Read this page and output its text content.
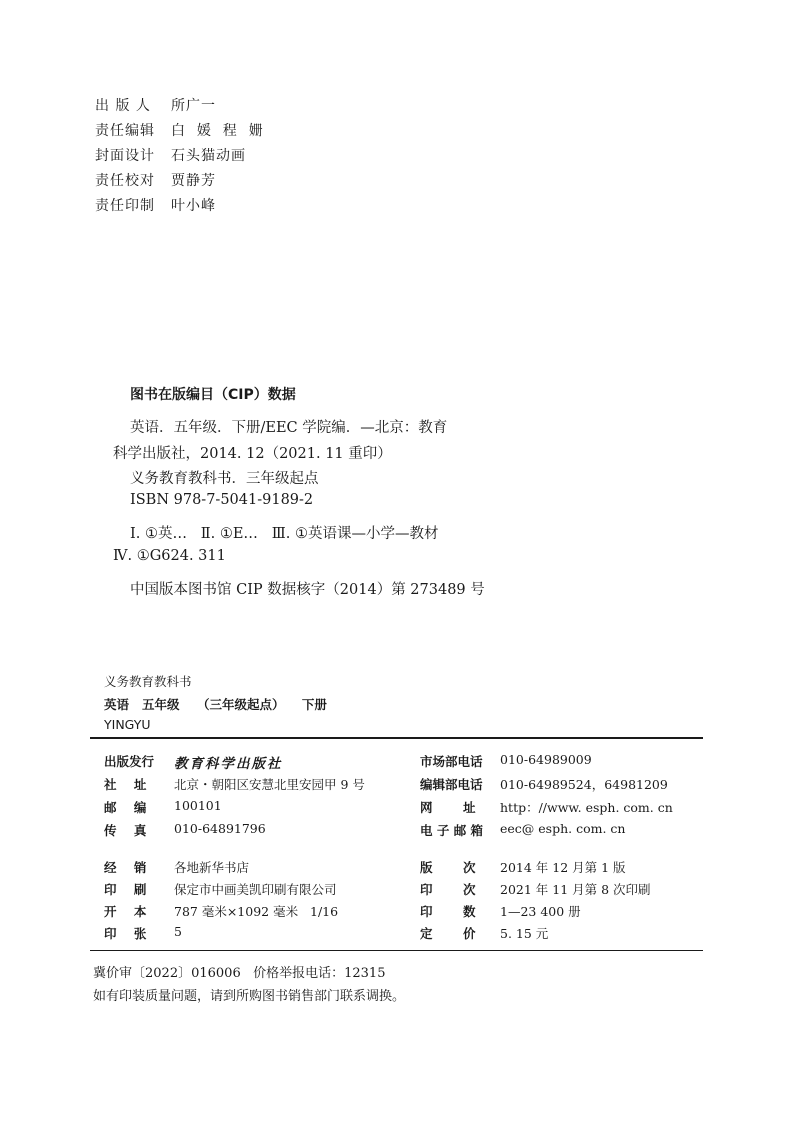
出 版 人 所广一
责任编辑 白  媛  程  姗
封面设计 石头猫动画
责任校对 贾静芳
责任印制 叶小峰
图书在版编目（CIP）数据
英语．五年级．下册/EEC 学院编．—北京：教育
科学出版社，2014. 12（2021. 11 重印）
义务教育教科书．三年级起点
ISBN 978-7-5041-9189-2
Ⅰ. ①英…   Ⅱ. ①E…   Ⅲ. ①英语课—小学—教材
Ⅳ. ①G624. 311
中国版本图书馆 CIP 数据核字（2014）第 273489 号
义务教育教科书
英语   五年级    （三年级起点）    下册
YINGYU
出版发行 教育科学出版社
社    址 北京・朝阳区安慧北里安园甲 9 号
邮    编 100101
传    真 010-64891796
市场部电话 010-64989009
编辑部电话 010-64989524，64981209
网       址 http：//www. esph. com. cn
电 子 邮 箱 eec@ esph. com. cn
经    销 各地新华书店
印    刷 保定市中画美凯印刷有限公司
开    本 787 毫米×1092 毫米   1/16
印    张 5
版       次 2014 年 12 月第 1 版
印       次 2021 年 11 月第 8 次印刷
印       数 1—23 400 册
定       价 5. 15 元
冀价审〔2022〕016006   价格举报电话：12315
如有印装质量问题，请到所购图书销售部门联系调换。
